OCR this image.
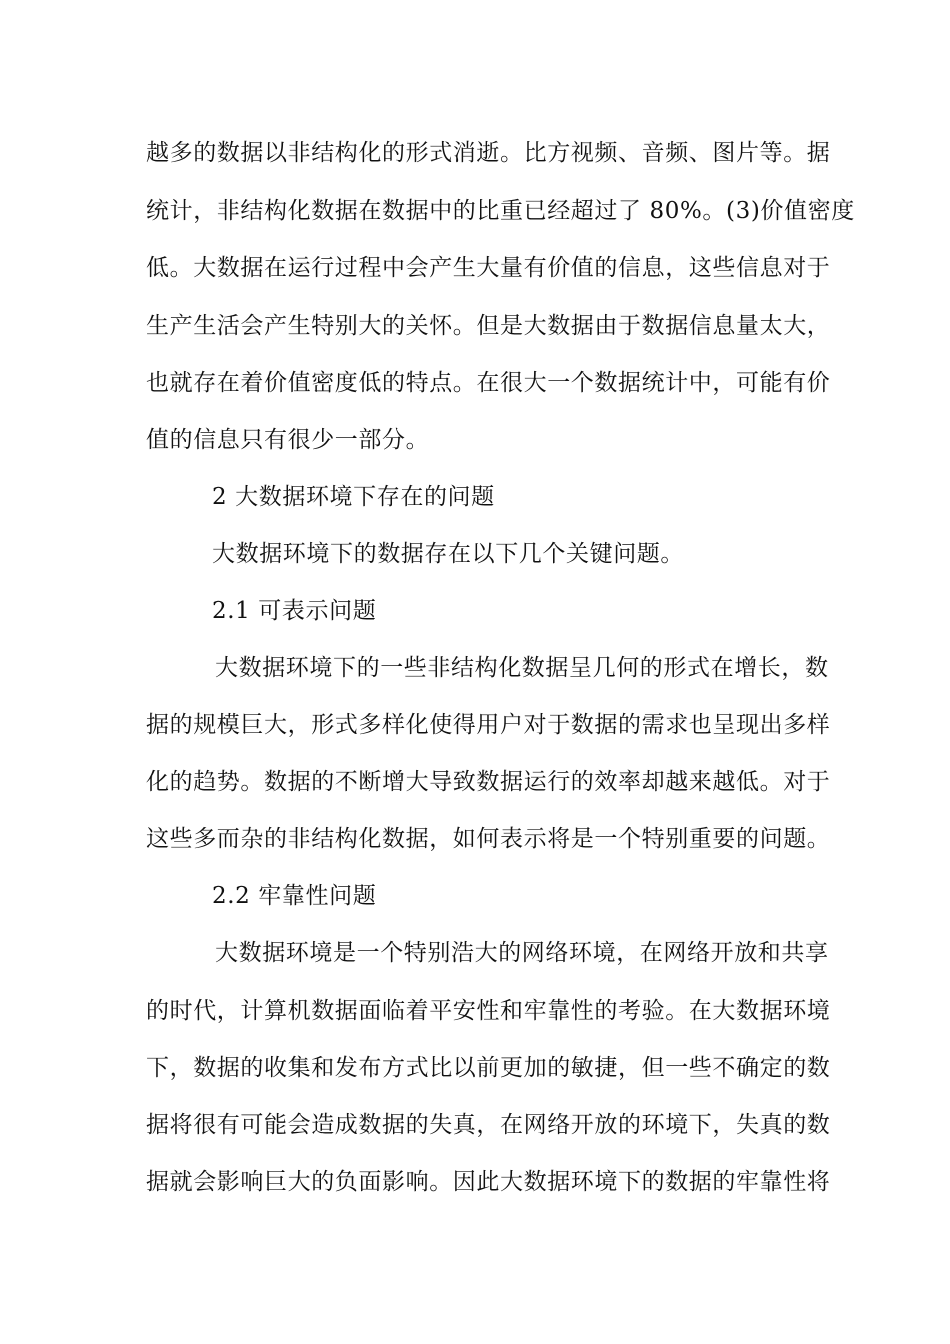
越多的数据以非结构化的形式消逝。比方视频、音频、图片等。据
统计，非结构化数据在数据中的比重已经超过了 80%。(3)价值密度
低。大数据在运行过程中会产生大量有价值的信息，这些信息对于
生产生活会产生特别大的关怀。但是大数据由于数据信息量太大，
也就存在着价值密度低的特点。在很大一个数据统计中，可能有价
值的信息只有很少一部分。
2 大数据环境下存在的问题
大数据环境下的数据存在以下几个关键问题。
2.1 可表示问题
大数据环境下的一些非结构化数据呈几何的形式在增长，数
据的规模巨大，形式多样化使得用户对于数据的需求也呈现出多样
化的趋势。数据的不断增大导致数据运行的效率却越来越低。对于
这些多而杂的非结构化数据，如何表示将是一个特别重要的问题。
2.2 牢靠性问题
大数据环境是一个特别浩大的网络环境，在网络开放和共享
的时代，计算机数据面临着平安性和牢靠性的考验。在大数据环境
下，数据的收集和发布方式比以前更加的敏捷，但一些不确定的数
据将很有可能会造成数据的失真，在网络开放的环境下，失真的数
据就会影响巨大的负面影响。因此大数据环境下的数据的牢靠性将
